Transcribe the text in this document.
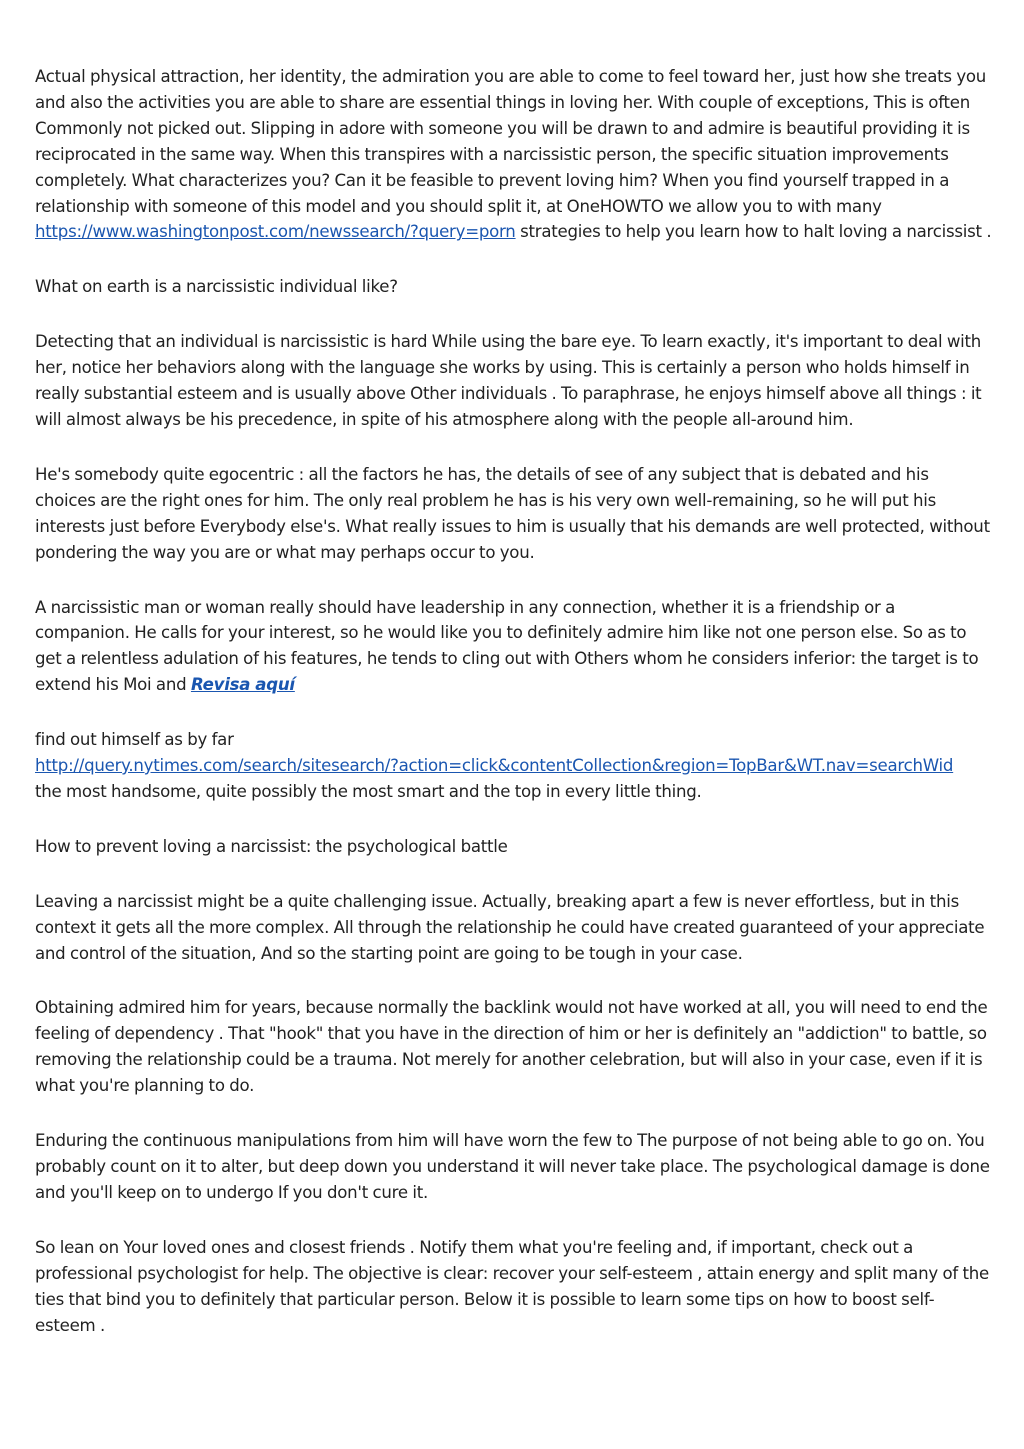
Actual physical attraction, her identity, the admiration you are able to come to feel toward her, just how she treats you and also the activities you are able to share are essential things in loving her. With couple of exceptions, This is often Commonly not picked out. Slipping in adore with someone you will be drawn to and admire is beautiful providing it is reciprocated in the same way. When this transpires with a narcissistic person, the specific situation improvements completely. What characterizes you? Can it be feasible to prevent loving him? When you find yourself trapped in a relationship with someone of this model and you should split it, at OneHOWTO we allow you to with many https://www.washingtonpost.com/newssearch/?query=porn strategies to help you learn how to halt loving a narcissist .

What on earth is a narcissistic individual like?

Detecting that an individual is narcissistic is hard While using the bare eye. To learn exactly, it's important to deal with her, notice her behaviors along with the language she works by using. This is certainly a person who holds himself in really substantial esteem and is usually above Other individuals . To paraphrase, he enjoys himself above all things : it will almost always be his precedence, in spite of his atmosphere along with the people all-around him.

He's somebody quite egocentric : all the factors he has, the details of see of any subject that is debated and his choices are the right ones for him. The only real problem he has is his very own well-remaining, so he will put his interests just before Everybody else's. What really issues to him is usually that his demands are well protected, without pondering the way you are or what may perhaps occur to you.

A narcissistic man or woman really should have leadership in any connection, whether it is a friendship or a companion. He calls for your interest, so he would like you to definitely admire him like not one person else. So as to get a relentless adulation of his features, he tends to cling out with Others whom he considers inferior: the target is to extend his Moi and Revisa aquí

find out himself as by far
http://query.nytimes.com/search/sitesearch/?action=click&contentCollection&region=TopBar&WT.nav=searchWid
the most handsome, quite possibly the most smart and the top in every little thing.

How to prevent loving a narcissist: the psychological battle

Leaving a narcissist might be a quite challenging issue. Actually, breaking apart a few is never effortless, but in this context it gets all the more complex. All through the relationship he could have created guaranteed of your appreciate and control of the situation, And so the starting point are going to be tough in your case.

Obtaining admired him for years, because normally the backlink would not have worked at all, you will need to end the feeling of dependency . That "hook" that you have in the direction of him or her is definitely an "addiction" to battle, so removing the relationship could be a trauma. Not merely for another celebration, but will also in your case, even if it is what you're planning to do.

Enduring the continuous manipulations from him will have worn the few to The purpose of not being able to go on. You probably count on it to alter, but deep down you understand it will never take place. The psychological damage is done and you'll keep on to undergo If you don't cure it.

So lean on Your loved ones and closest friends . Notify them what you're feeling and, if important, check out a professional psychologist for help. The objective is clear: recover your self-esteem , attain energy and split many of the ties that bind you to definitely that particular person. Below it is possible to learn some tips on how to boost self-esteem .
